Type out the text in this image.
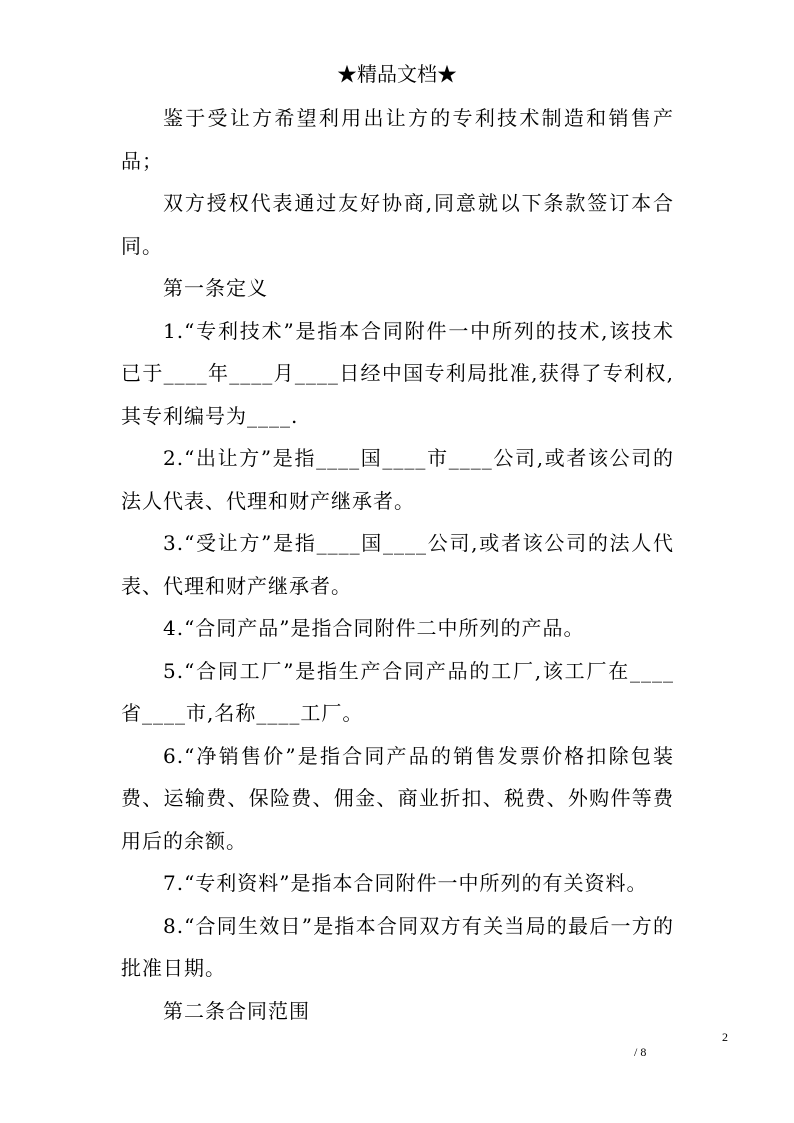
★精品文档★

鉴于受让方希望利用出让方的专利技术制造和销售产品；

双方授权代表通过友好协商,同意就以下条款签订本合同。

第一条定义

1.“专利技术”是指本合同附件一中所列的技术,该技术已于____年____月____日经中国专利局批准,获得了专利权,其专利编号为____.

2.“出让方”是指____国____市____公司,或者该公司的法人代表、代理和财产继承者。

3.“受让方”是指____国____公司,或者该公司的法人代表、代理和财产继承者。

4.“合同产品”是指合同附件二中所列的产品。

5.“合同工厂”是指生产合同产品的工厂,该工厂在____省____市,名称____工厂。

6.“净销售价”是指合同产品的销售发票价格扣除包装费、运输费、保险费、佣金、商业折扣、税费、外购件等费用后的余额。

7.“专利资料”是指本合同附件一中所列的有关资料。

8.“合同生效日”是指本合同双方有关当局的最后一方的批准日期。

第二条合同范围

2
/ 8
